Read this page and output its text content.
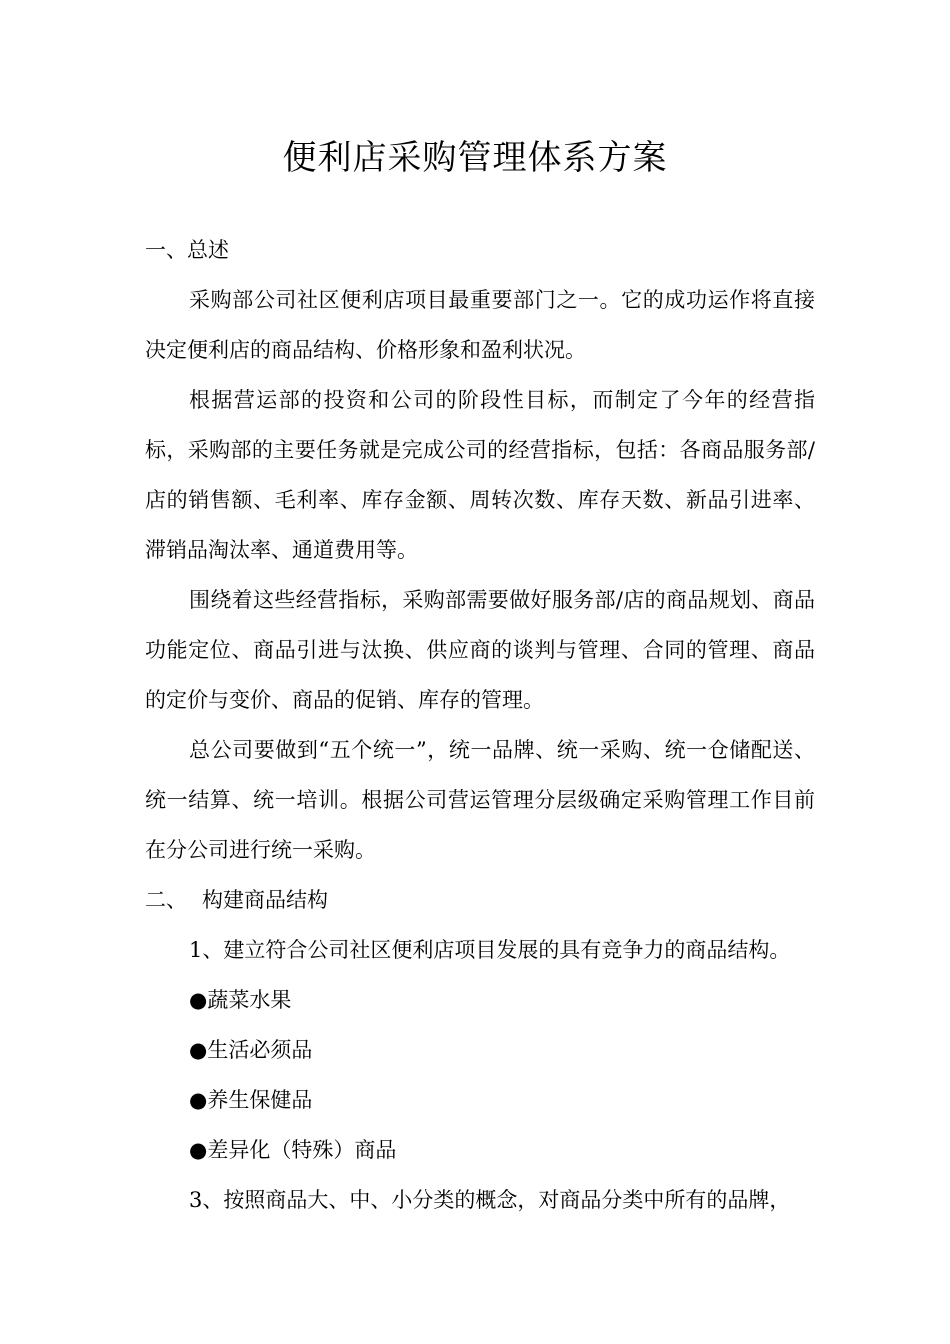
便利店采购管理体系方案

一、总述

采购部公司社区便利店项目最重要部门之一。它的成功运作将直接决定便利店的商品结构、价格形象和盈利状况。

根据营运部的投资和公司的阶段性目标，而制定了今年的经营指标，采购部的主要任务就是完成公司的经营指标，包括：各商品服务部/店的销售额、毛利率、库存金额、周转次数、库存天数、新品引进率、滞销品淘汰率、通道费用等。

围绕着这些经营指标，采购部需要做好服务部/店的商品规划、商品功能定位、商品引进与汰换、供应商的谈判与管理、合同的管理、商品的定价与变价、商品的促销、库存的管理。

总公司要做到“五个统一”，统一品牌、统一采购、统一仓储配送、统一结算、统一培训。根据公司营运管理分层级确定采购管理工作目前在分公司进行统一采购。

二、 构建商品结构

1、建立符合公司社区便利店项目发展的具有竞争力的商品结构。

●蔬菜水果

●生活必须品

●养生保健品

●差异化（特殊）商品

3、按照商品大、中、小分类的概念，对商品分类中所有的品牌，
